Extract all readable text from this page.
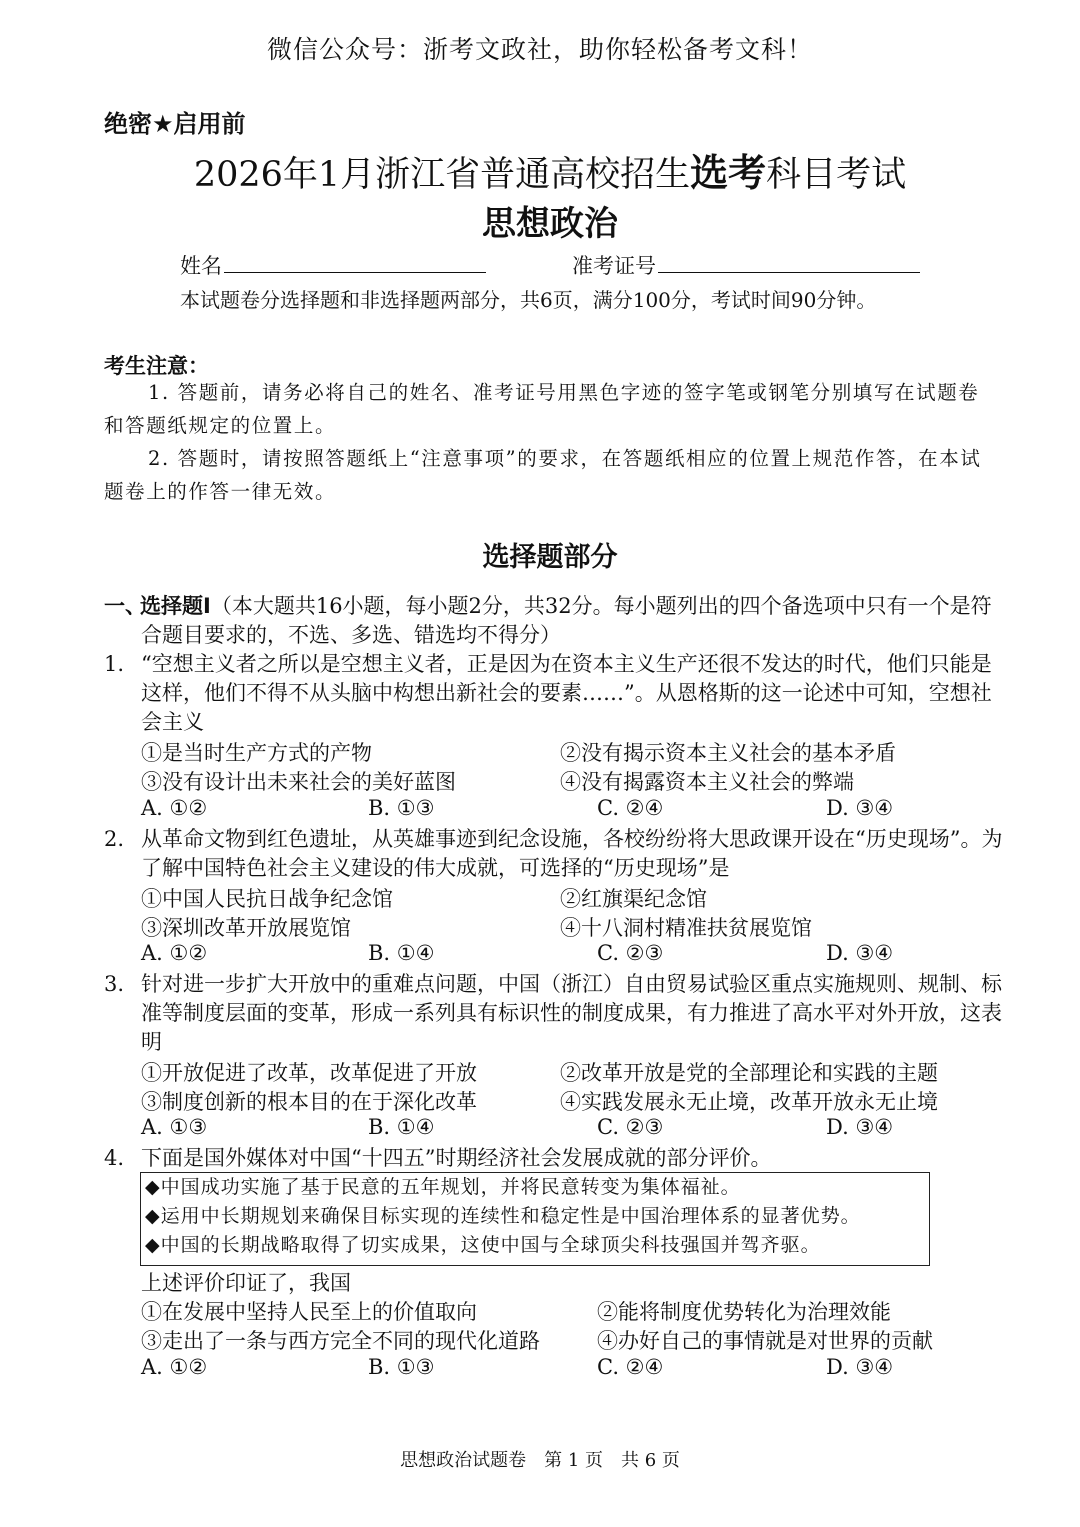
微信公众号：浙考文政社，助你轻松备考文科！
绝密★启用前
2026年1月浙江省普通高校招生选考科目考试
思想政治
姓名	准考证号
本试题卷分选择题和非选择题两部分，共6页，满分100分，考试时间90分钟。
考生注意：
1. 答题前，请务必将自己的姓名、准考证号用黑色字迹的签字笔或钢笔分别填写在试题卷和答题纸规定的位置上。
2. 答题时，请按照答题纸上“注意事项”的要求，在答题纸相应的位置上规范作答，在本试题卷上的作答一律无效。
选择题部分
一、
选择题Ⅰ（本大题共16小题，每小题2分，共32分。每小题列出的四个备选项中只有一个是符合题目要求的，不选、多选、错选均不得分）
1. “空想主义者之所以是空想主义者，正是因为在资本主义生产还很不发达的时代，他们只能是这样，他们不得不从头脑中构想出新社会的要素……”。从恩格斯的这一论述中可知，空想社会主义
①是当时生产方式的产物	②没有揭示资本主义社会的基本矛盾
③没有设计出未来社会的美好蓝图	④没有揭露资本主义社会的弊端
A. ①②	B. ①③	C. ②④	D. ③④
2. 从革命文物到红色遗址，从英雄事迹到纪念设施，各校纷纷将大思政课开设在“历史现场”。为了解中国特色社会主义建设的伟大成就，可选择的“历史现场”是
①中国人民抗日战争纪念馆	②红旗渠纪念馆
③深圳改革开放展览馆	④十八洞村精准扶贫展览馆
A. ①②	B. ①④	C. ②③	D. ③④
3. 针对进一步扩大开放中的重难点问题，中国（浙江）自由贸易试验区重点实施规则、规制、标准等制度层面的变革，形成一系列具有标识性的制度成果，有力推进了高水平对外开放，这表明
①开放促进了改革，改革促进了开放	②改革开放是党的全部理论和实践的主题
③制度创新的根本目的在于深化改革	④实践发展永无止境，改革开放永无止境
A. ①③	B. ①④	C. ②③	D. ③④
4. 下面是国外媒体对中国“十四五”时期经济社会发展成就的部分评价。
◆中国成功实施了基于民意的五年规划，并将民意转变为集体福祉。
◆运用中长期规划来确保目标实现的连续性和稳定性是中国治理体系的显著优势。
◆中国的长期战略取得了切实成果，这使中国与全球顶尖科技强国并驾齐驱。
上述评价印证了，我国
①在发展中坚持人民至上的价值取向	②能将制度优势转化为治理效能
③走出了一条与西方完全不同的现代化道路	④办好自己的事情就是对世界的贡献
A. ①②	B. ①③	C. ②④	D. ③④
思想政治试题卷　第 1 页　共 6 页
